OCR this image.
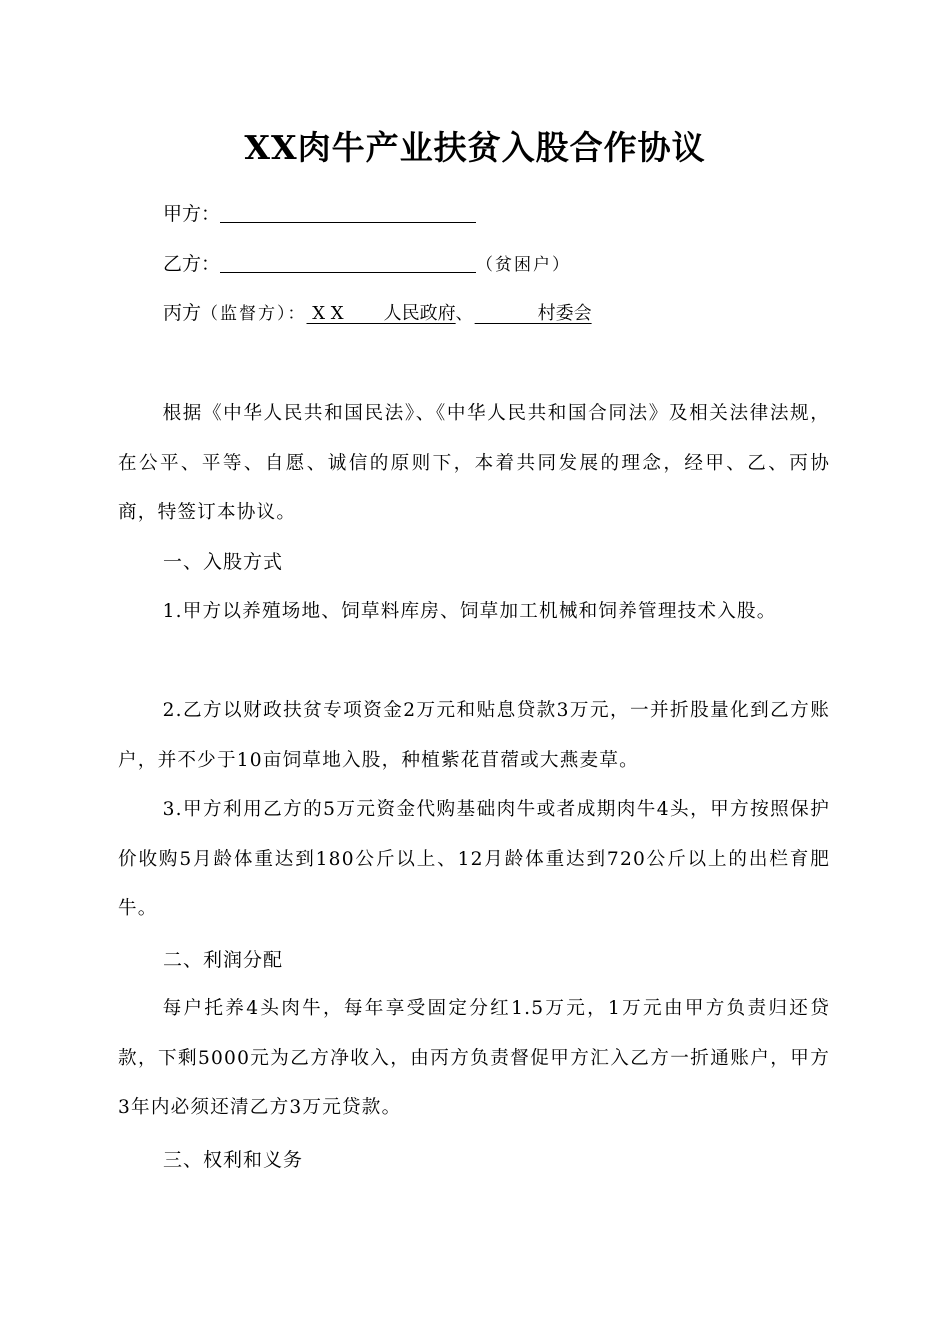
XX肉牛产业扶贫入股合作协议
甲方：
乙方：	（贫困户）
丙方（监督方）： X X       人民政府、           村委会

根据《中华人民共和国民法》、《中华人民共和国合同法》及相关法律法规，在公平、平等、自愿、诚信的原则下，本着共同发展的理念，经甲、乙、丙协商，特签订本协议。

一、入股方式

1.甲方以养殖场地、饲草料库房、饲草加工机械和饲养管理技术入股。

2.乙方以财政扶贫专项资金2万元和贴息贷款3万元，一并折股量化到乙方账户，并不少于10亩饲草地入股，种植紫花苜蓿或大燕麦草。

3.甲方利用乙方的5万元资金代购基础肉牛或者成期肉牛4头，甲方按照保护价收购5月龄体重达到180公斤以上、12月龄体重达到720公斤以上的出栏育肥牛。

二、利润分配

每户托养4头肉牛，每年享受固定分红1.5万元，1万元由甲方负责归还贷款，下剩5000元为乙方净收入，由丙方负责督促甲方汇入乙方一折通账户，甲方3年内必须还清乙方3万元贷款。

三、权利和义务
